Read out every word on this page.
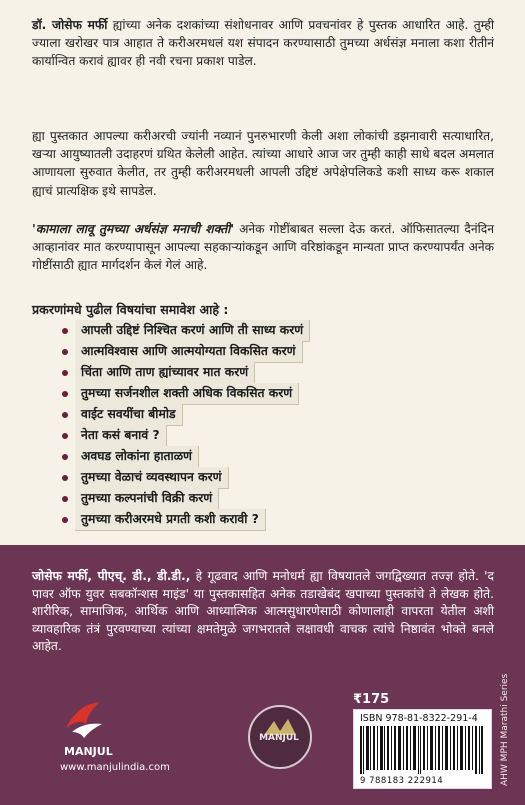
डॉ. जोसेफ मर्फी ह्यांच्या अनेक दशकांच्या संशोधनावर आणि प्रवचनांवर हे पुस्तक आधारित आहे. तुम्ही ज्याला खरोखर पात्र आहात ते करीअरमधलं यश संपादन करण्यासाठी तुमच्या अर्धसंज्ञ मनाला कशा रीतीनं कार्यान्वित करावं ह्यावर ही नवी रचना प्रकाश पाडेल.

ह्या पुस्तकात आपल्या करीअरची ज्यांनी नव्यानं पुनरुभारणी केली अशा लोकांची डझनावारी सत्याधारित, खऱ्या आयुष्यातली उदाहरणं ग्रथित केलेली आहेत. त्यांच्या आधारे आज जर तुम्ही काही साधे बदल अमलात आणायला सुरुवात केलीत, तर तुम्ही करीअरमधली आपली उद्दिष्टं अपेक्षेपलिकडे कशी साध्य करू शकाल ह्याचं प्रात्यक्षिक इथे सापडेल.

'कामाला लावू तुमच्या अर्धसंज्ञ मनाची शक्ती' अनेक गोष्टींबाबत सल्ला देऊ करतं. ऑफिसातल्या दैनंदिन आव्हानांवर मात करण्यापासून आपल्या सहकाऱ्यांकडून आणि वरिष्ठांकडून मान्यता प्राप्त करण्यापर्यंत अनेक गोष्टींसाठी ह्यात मार्गदर्शन केलं गेलं आहे.

प्रकरणांमधे पुढील विषयांचा समावेश आहे :

आपली उद्दिष्टं निश्चित करणं आणि ती साध्य करणं
आत्मविश्वास आणि आत्मयोग्यता विकसित करणं
चिंता आणि ताण ह्यांच्यावर मात करणं
तुमच्या सर्जनशील शक्ती अधिक विकसित करणं
वाईट सवयींचा बीमोड
नेता कसं बनावं ?
अवघड लोकांना हाताळणं
तुमच्या वेळाचं व्यवस्थापन करणं
तुमच्या कल्पनांची विक्री करणं
तुमच्या करीअरमधे प्रगती कशी करावी ?

जोसेफ मर्फी, पीएच्. डी., डी.डी., हे गूढवाद आणि मनोधर्म ह्या विषयातले जगद्विख्यात तज्ज्ञ होते. 'द पावर ऑफ युवर सबकॉन्शस माइंड' या पुस्तकासहित अनेक तडाखेबंद खपाच्या पुस्तकांचे ते लेखक होते. शारीरिक, सामाजिक, आर्थिक आणि आध्यात्मिक आत्मसुधारणेसाठी कोणालाही वापरता येतील अशी व्यावहारिक तंत्रं पुरवण्याच्या त्यांच्या क्षमतेमुळे जगभरातले लक्षावधी वाचक त्यांचे निष्ठावंत भोक्ते बनले आहेत.

MANJUL
MANJUL
www.manjulindia.com
₹175
ISBN 978-81-8322-291-4
9 788183 222914	AHW MPH Marathi Series
